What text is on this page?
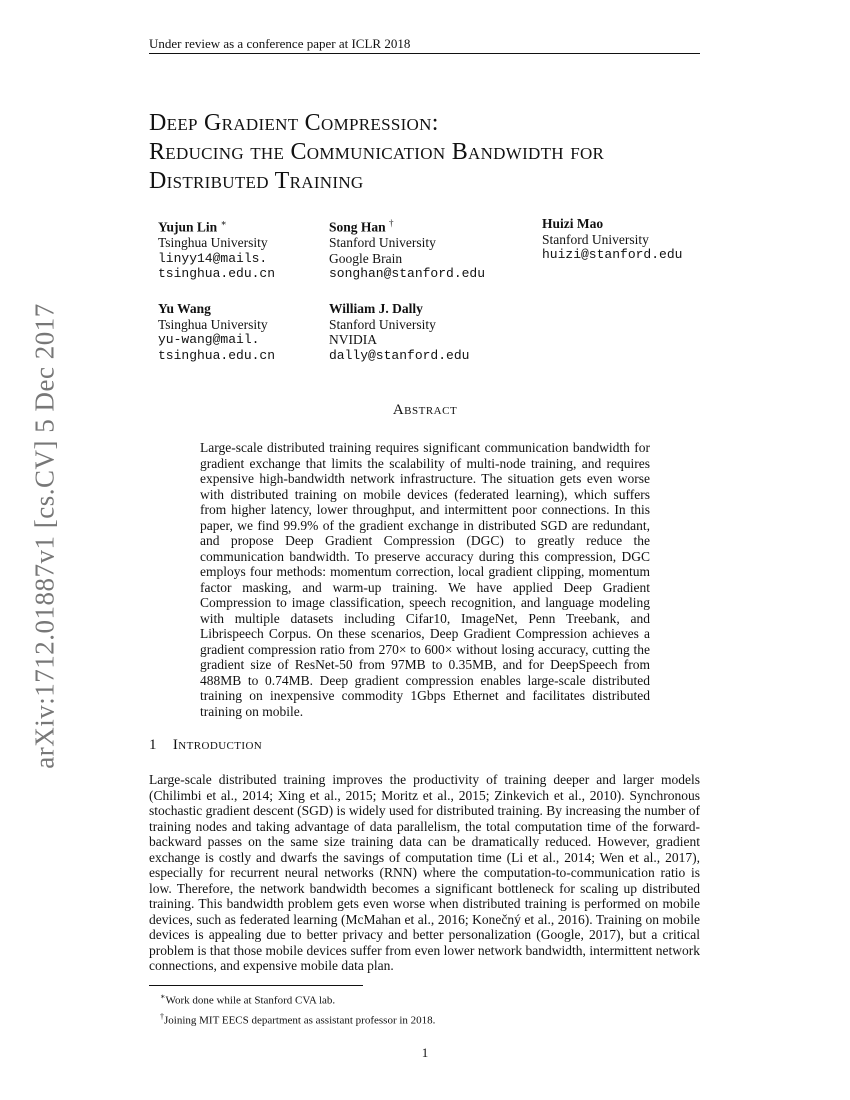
Under review as a conference paper at ICLR 2018
arXiv:1712.01887v1 [cs.CV] 5 Dec 2017
Deep Gradient Compression:
Reducing the Communication Bandwidth for
Distributed Training
Yujun Lin ∗
Tsinghua University
linyy14@mails.
tsinghua.edu.cn
Song Han †
Stanford University
Google Brain
songhan@stanford.edu
Huizi Mao
Stanford University
huizi@stanford.edu
Yu Wang
Tsinghua University
yu-wang@mail.
tsinghua.edu.cn
William J. Dally
Stanford University
NVIDIA
dally@stanford.edu
Abstract
Large-scale distributed training requires significant communication bandwidth for gradient exchange that limits the scalability of multi-node training, and requires expensive high-bandwidth network infrastructure. The situation gets even worse with distributed training on mobile devices (federated learning), which suffers from higher latency, lower throughput, and intermittent poor connections. In this paper, we find 99.9% of the gradient exchange in distributed SGD are redundant, and propose Deep Gradient Compression (DGC) to greatly reduce the communication bandwidth. To preserve accuracy during this compression, DGC employs four methods: momentum correction, local gradient clipping, momentum factor masking, and warm-up training. We have applied Deep Gradient Compression to image classification, speech recognition, and language modeling with multiple datasets including Cifar10, ImageNet, Penn Treebank, and Librispeech Corpus. On these scenarios, Deep Gradient Compression achieves a gradient compression ratio from 270× to 600× without losing accuracy, cutting the gradient size of ResNet-50 from 97MB to 0.35MB, and for DeepSpeech from 488MB to 0.74MB. Deep gradient compression enables large-scale distributed training on inexpensive commodity 1Gbps Ethernet and facilitates distributed training on mobile.
1 Introduction
Large-scale distributed training improves the productivity of training deeper and larger models (Chilimbi et al., 2014; Xing et al., 2015; Moritz et al., 2015; Zinkevich et al., 2010). Synchronous stochastic gradient descent (SGD) is widely used for distributed training. By increasing the number of training nodes and taking advantage of data parallelism, the total computation time of the forward-backward passes on the same size training data can be dramatically reduced. However, gradient exchange is costly and dwarfs the savings of computation time (Li et al., 2014; Wen et al., 2017), especially for recurrent neural networks (RNN) where the computation-to-communication ratio is low. Therefore, the network bandwidth becomes a significant bottleneck for scaling up distributed training. This bandwidth problem gets even worse when distributed training is performed on mobile devices, such as federated learning (McMahan et al., 2016; Konečný et al., 2016). Training on mobile devices is appealing due to better privacy and better personalization (Google, 2017), but a critical problem is that those mobile devices suffer from even lower network bandwidth, intermittent network connections, and expensive mobile data plan.
∗Work done while at Stanford CVA lab.
†Joining MIT EECS department as assistant professor in 2018.
1
